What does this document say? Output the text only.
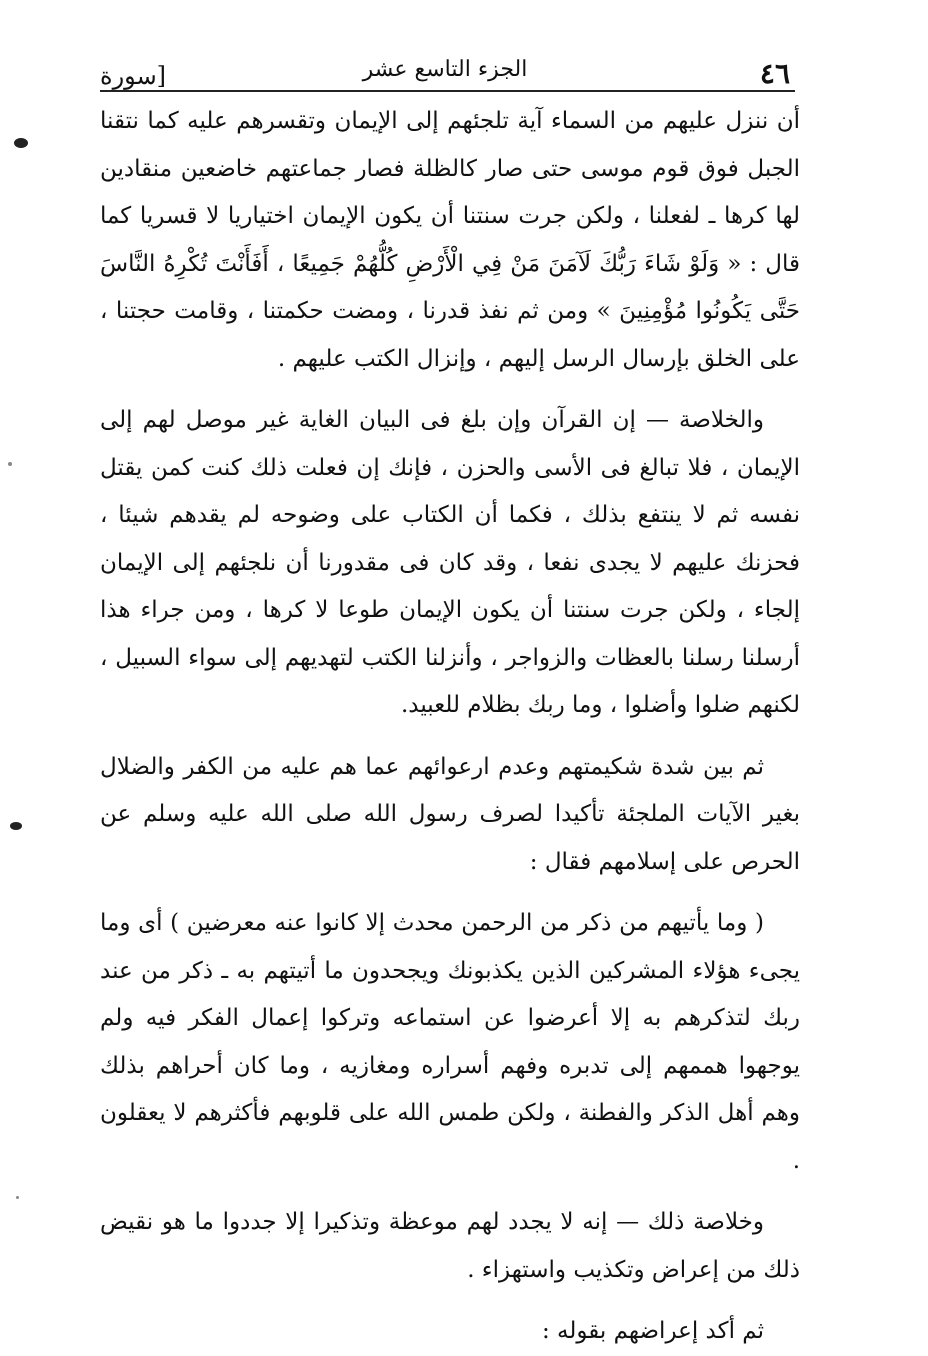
٤٦
الجزء التاسع عشر
[سورة

أن ننزل عليهم من السماء آية تلجئهم إلى الإيمان وتقسرهم عليه كما نتقنا الجبل فوق قوم موسى حتى صار كالظلة فصار جماعتهم خاضعين منقادين لها كرها ـ لفعلنا ، ولكن جرت سنتنا أن يكون الإيمان اختياريا لا قسريا كما قال : « وَلَوْ شَاءَ رَبُّكَ لَآمَنَ مَنْ فِي الْأَرْضِ كُلُّهُمْ جَمِيعًا ، أَفَأَنْتَ تُكْرِهُ النَّاسَ حَتَّى يَكُونُوا مُؤْمِنِينَ » ومن ثم نفذ قدرنا ، ومضت حكمتنا ، وقامت حجتنا ، على الخلق بإرسال الرسل إليهم ، وإنزال الكتب عليهم .

والخلاصة — إن القرآن وإن بلغ فى البيان الغاية غير موصل لهم إلى الإيمان ، فلا تبالغ فى الأسى والحزن ، فإنك إن فعلت ذلك كنت كمن يقتل نفسه ثم لا ينتفع بذلك ، فكما أن الكتاب على وضوحه لم يقدهم شيئا ، فحزنك عليهم لا يجدى نفعا ، وقد كان فى مقدورنا أن نلجئهم إلى الإيمان إلجاء ، ولكن جرت سنتنا أن يكون الإيمان طوعا لا كرها ، ومن جراء هذا أرسلنا رسلنا بالعظات والزواجر ، وأنزلنا الكتب لتهديهم إلى سواء السبيل ، لكنهم ضلوا وأضلوا ، وما ربك بظلام للعبيد.

ثم بين شدة شكيمتهم وعدم ارعوائهم عما هم عليه من الكفر والضلال بغير الآيات الملجئة تأكيدا لصرف رسول الله صلى الله عليه وسلم عن الحرص على إسلامهم فقال :

( وما يأتيهم من ذكر من الرحمن محدث إلا كانوا عنه معرضين ) أى وما يجىء هؤلاء المشركين الذين يكذبونك ويجحدون ما أتيتهم به ـ ذكر من عند ربك لتذكرهم به إلا أعرضوا عن استماعه وتركوا إعمال الفكر فيه ولم يوجهوا هممهم إلى تدبره وفهم أسراره ومغازيه ، وما كان أحراهم بذلك وهم أهل الذكر والفطنة ، ولكن طمس الله على قلوبهم فأكثرهم لا يعقلون .

وخلاصة ذلك — إنه لا يجدد لهم موعظة وتذكيرا إلا جددوا ما هو نقيض ذلك من إعراض وتكذيب واستهزاء .

ثم أكد إعراضهم بقوله :
